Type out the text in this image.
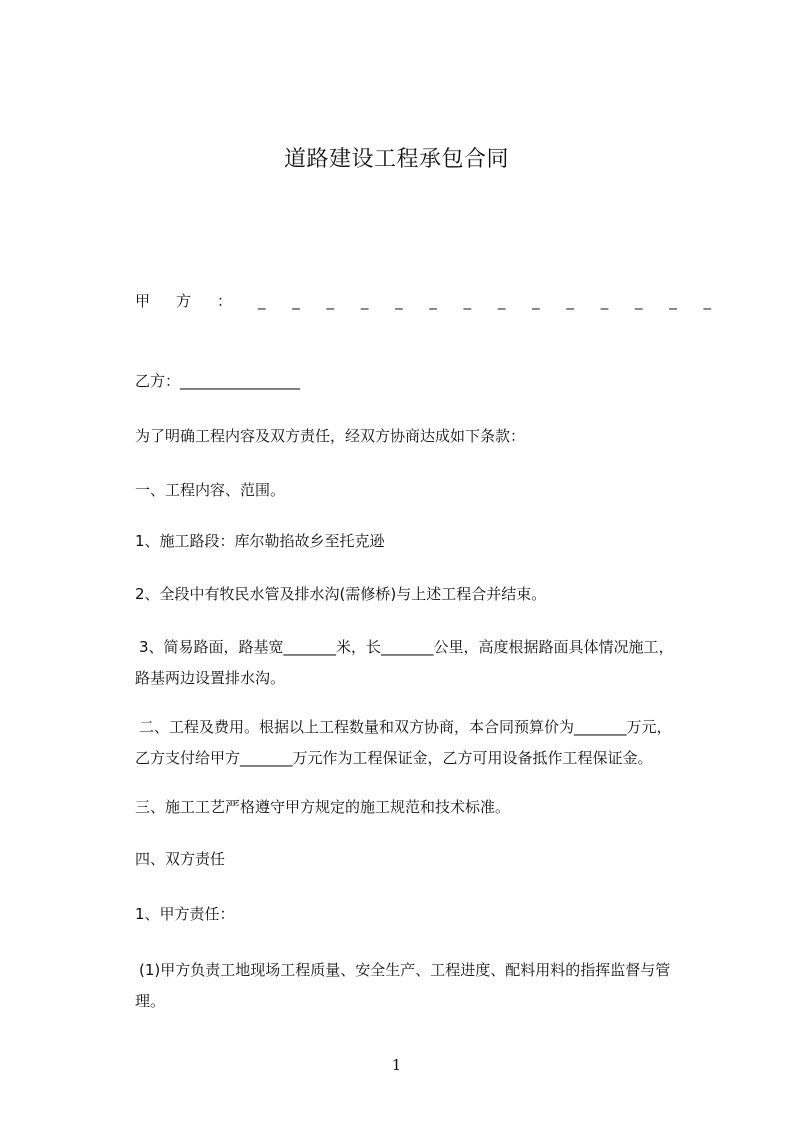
道路建设工程承包合同
甲方：_ _ _ _ _ _ _ _ _ _ _ _ _ _

乙方：________________

为了明确工程内容及双方责任，经双方协商达成如下条款：

一、工程内容、范围。

1、施工路段：库尔勒掐故乡至托克逊

2、全段中有牧民水管及排水沟(需修桥)与上述工程合并结束。

3、简易路面，路基宽_______米，长_______公里，高度根据路面具体情况施工，
路基两边设置排水沟。
二、工程及费用。根据以上工程数量和双方协商，本合同预算价为_______万元，
乙方支付给甲方_______万元作为工程保证金，乙方可用设备抵作工程保证金。

三、施工工艺严格遵守甲方规定的施工规范和技术标准。

四、双方责任

1、甲方责任：

(1)甲方负责工地现场工程质量、安全生产、工程进度、配料用料的指挥监督与管
理。
1
